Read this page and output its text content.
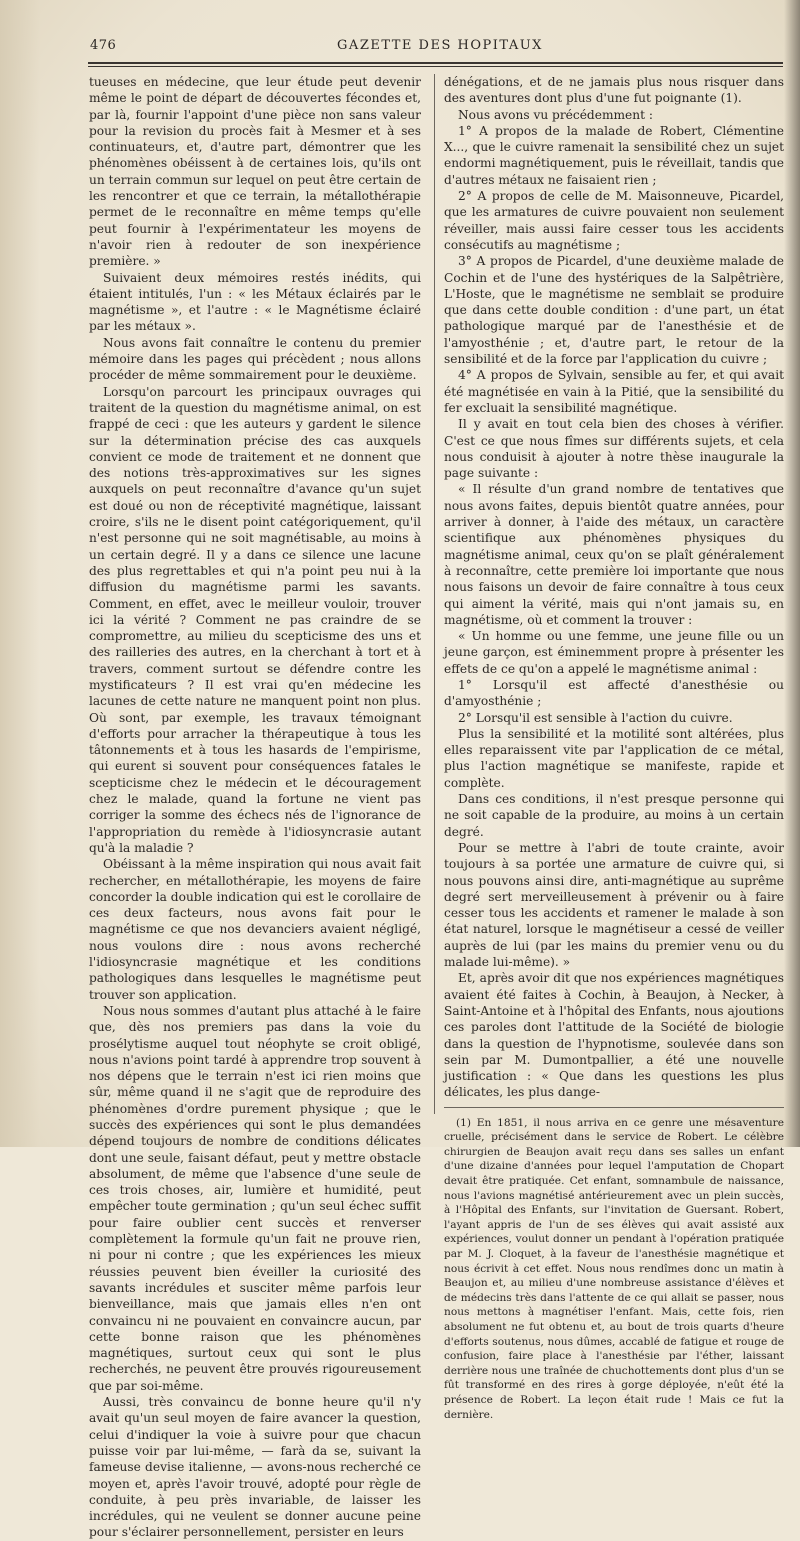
476	GAZETTE DES HOPITAUX

tueuses en médecine, que leur étude peut devenir même le point de départ de découvertes fécondes et, par là, fournir l'appoint d'une pièce non sans valeur pour la revision du procès fait à Mesmer et à ses continuateurs, et, d'autre part, démontrer que les phénomènes obéissent à de certaines lois, qu'ils ont un terrain commun sur lequel on peut être certain de les rencontrer et que ce terrain, la métallothérapie permet de le reconnaître en même temps qu'elle peut fournir à l'expérimentateur les moyens de n'avoir rien à redouter de son inexpérience première. »

Suivaient deux mémoires restés inédits, qui étaient intitulés, l'un : « les Métaux éclairés par le magnétisme », et l'autre : « le Magnétisme éclairé par les métaux ».

Nous avons fait connaître le contenu du premier mémoire dans les pages qui précèdent ; nous allons procéder de même sommairement pour le deuxième.

Lorsqu'on parcourt les principaux ouvrages qui traitent de la question du magnétisme animal, on est frappé de ceci : que les auteurs y gardent le silence sur la détermination précise des cas auxquels convient ce mode de traitement et ne donnent que des notions très-approximatives sur les signes auxquels on peut reconnaître d'avance qu'un sujet est doué ou non de réceptivité magnétique, laissant croire, s'ils ne le disent point catégoriquement, qu'il n'est personne qui ne soit magnétisable, au moins à un certain degré. Il y a dans ce silence une lacune des plus regrettables et qui n'a point peu nui à la diffusion du magnétisme parmi les savants. Comment, en effet, avec le meilleur vouloir, trouver ici la vérité ? Comment ne pas craindre de se compromettre, au milieu du scepticisme des uns et des railleries des autres, en la cherchant à tort et à travers, comment surtout se défendre contre les mystificateurs ? Il est vrai qu'en médecine les lacunes de cette nature ne manquent point non plus. Où sont, par exemple, les travaux témoignant d'efforts pour arracher la thérapeutique à tous les tâtonnements et à tous les hasards de l'empirisme, qui eurent si souvent pour conséquences fatales le scepticisme chez le médecin et le découragement chez le malade, quand la fortune ne vient pas corriger la somme des échecs nés de l'ignorance de l'appropriation du remède à l'idiosyncrasie autant qu'à la maladie ?

Obéissant à la même inspiration qui nous avait fait rechercher, en métallothérapie, les moyens de faire concorder la double indication qui est le corollaire de ces deux facteurs, nous avons fait pour le magnétisme ce que nos devanciers avaient négligé, nous voulons dire : nous avons recherché l'idiosyncrasie magnétique et les conditions pathologiques dans lesquelles le magnétisme peut trouver son application.

Nous nous sommes d'autant plus attaché à le faire que, dès nos premiers pas dans la voie du prosélytisme auquel tout néophyte se croit obligé, nous n'avions point tardé à apprendre trop souvent à nos dépens que le terrain n'est ici rien moins que sûr, même quand il ne s'agit que de reproduire des phénomènes d'ordre purement physique ; que le succès des expériences qui sont le plus demandées dépend toujours de nombre de conditions délicates dont une seule, faisant défaut, peut y mettre obstacle absolument, de même que l'absence d'une seule de ces trois choses, air, lumière et humidité, peut empêcher toute germination ; qu'un seul échec suffit pour faire oublier cent succès et renverser complètement la formule qu'un fait ne prouve rien, ni pour ni contre ; que les expériences les mieux réussies peuvent bien éveiller la curiosité des savants incrédules et susciter même parfois leur bienveillance, mais que jamais elles n'en ont convaincu ni ne pouvaient en convaincre aucun, par cette bonne raison que les phénomènes magnétiques, surtout ceux qui sont le plus recherchés, ne peuvent être prouvés rigoureusement que par soi-même.

Aussi, très convaincu de bonne heure qu'il n'y avait qu'un seul moyen de faire avancer la question, celui d'indiquer la voie à suivre pour que chacun puisse voir par lui-même, — farà da se, suivant la fameuse devise italienne, — avons-nous recherché ce moyen et, après l'avoir trouvé, adopté pour règle de conduite, à peu près invariable, de laisser les incrédules, qui ne veulent se donner aucune peine pour s'éclairer personnellement, persister en leurs

dénégations, et de ne jamais plus nous risquer dans des aventures dont plus d'une fut poignante (1).

Nous avons vu précédemment :

1° A propos de la malade de Robert, Clémentine X..., que le cuivre ramenait la sensibilité chez un sujet endormi magnétiquement, puis le réveillait, tandis que d'autres métaux ne faisaient rien ;

2° A propos de celle de M. Maisonneuve, Picardel, que les armatures de cuivre pouvaient non seulement réveiller, mais aussi faire cesser tous les accidents consécutifs au magnétisme ;

3° A propos de Picardel, d'une deuxième malade de Cochin et de l'une des hystériques de la Salpêtrière, L'Hoste, que le magnétisme ne semblait se produire que dans cette double condition : d'une part, un état pathologique marqué par de l'anesthésie et de l'amyosthénie ; et, d'autre part, le retour de la sensibilité et de la force par l'application du cuivre ;

4° A propos de Sylvain, sensible au fer, et qui avait été magnétisée en vain à la Pitié, que la sensibilité du fer excluait la sensibilité magnétique.

Il y avait en tout cela bien des choses à vérifier. C'est ce que nous fîmes sur différents sujets, et cela nous conduisit à ajouter à notre thèse inaugurale la page suivante :

« Il résulte d'un grand nombre de tentatives que nous avons faites, depuis bientôt quatre années, pour arriver à donner, à l'aide des métaux, un caractère scientifique aux phénomènes physiques du magnétisme animal, ceux qu'on se plaît généralement à reconnaître, cette première loi importante que nous nous faisons un devoir de faire connaître à tous ceux qui aiment la vérité, mais qui n'ont jamais su, en magnétisme, où et comment la trouver :

« Un homme ou une femme, une jeune fille ou un jeune garçon, est éminemment propre à présenter les effets de ce qu'on a appelé le magnétisme animal :

1° Lorsqu'il est affecté d'anesthésie ou d'amyosthénie ;

2° Lorsqu'il est sensible à l'action du cuivre.

Plus la sensibilité et la motilité sont altérées, plus elles reparaissent vite par l'application de ce métal, plus l'action magnétique se manifeste, rapide et complète.

Dans ces conditions, il n'est presque personne qui ne soit capable de la produire, au moins à un certain degré.

Pour se mettre à l'abri de toute crainte, avoir toujours à sa portée une armature de cuivre qui, si nous pouvons ainsi dire, anti-magnétique au suprême degré sert merveilleusement à prévenir ou à faire cesser tous les accidents et ramener le malade à son état naturel, lorsque le magnétiseur a cessé de veiller auprès de lui (par les mains du premier venu ou du malade lui-même). »

Et, après avoir dit que nos expériences magnétiques avaient été faites à Cochin, à Beaujon, à Necker, à Saint-Antoine et à l'hôpital des Enfants, nous ajoutions ces paroles dont l'attitude de la Société de biologie dans la question de l'hypnotisme, soulevée dans son sein par M. Dumontpallier, a été une nouvelle justification : « Que dans les questions les plus délicates, les plus dange-

(1) En 1851, il nous arriva en ce genre une mésaventure cruelle, précisément dans le service de Robert. Le célèbre chirurgien de Beaujon avait reçu dans ses salles un enfant d'une dizaine d'années pour lequel l'amputation de Chopart devait être pratiquée. Cet enfant, somnambule de naissance, nous l'avions magnétisé antérieurement avec un plein succès, à l'Hôpital des Enfants, sur l'invitation de Guersant. Robert, l'ayant appris de l'un de ses élèves qui avait assisté aux expériences, voulut donner un pendant à l'opération pratiquée par M. J. Cloquet, à la faveur de l'anesthésie magnétique et nous écrivit à cet effet. Nous nous rendîmes donc un matin à Beaujon et, au milieu d'une nombreuse assistance d'élèves et de médecins très dans l'attente de ce qui allait se passer, nous nous mettons à magnétiser l'enfant. Mais, cette fois, rien absolument ne fut obtenu et, au bout de trois quarts d'heure d'efforts soutenus, nous dûmes, accablé de fatigue et rouge de confusion, faire place à l'anesthésie par l'éther, laissant derrière nous une traînée de chuchottements dont plus d'un se fût transformé en des rires à gorge déployée, n'eût été la présence de Robert. La leçon était rude ! Mais ce fut la dernière.
